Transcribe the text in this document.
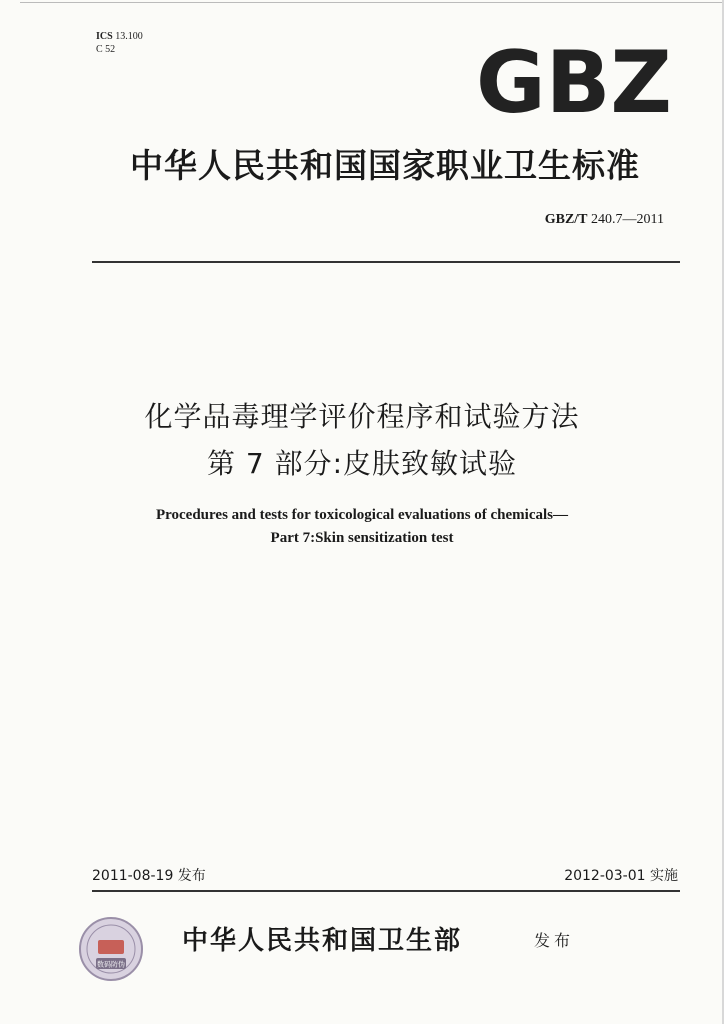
ICS 13.100
C 52	GBZ
中华人民共和国国家职业卫生标准
GBZ/T 240.7—2011
化学品毒理学评价程序和试验方法
第 7 部分:皮肤致敏试验
Procedures and tests for toxicological evaluations of chemicals—
Part 7:Skin sensitization test
2011-08-19 发布	2012-03-01 实施
数码防伪
中华人民共和国卫生部	发布
